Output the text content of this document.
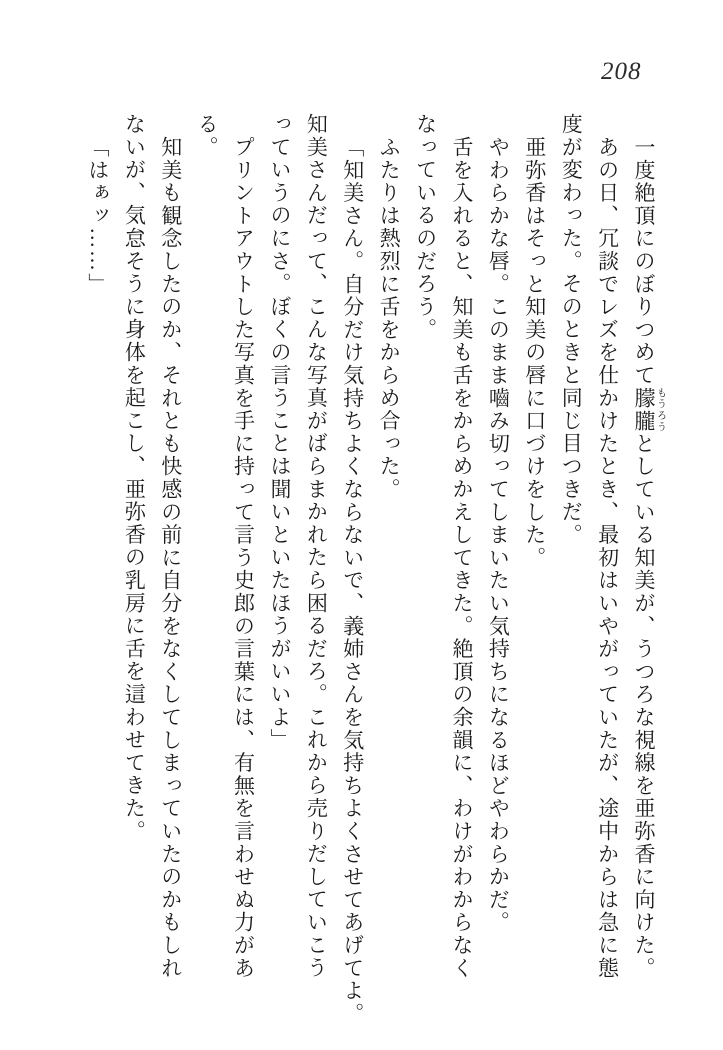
208

一度絶頂にのぼりつめて朦朧もうろうとしている知美が、うつろな視線を亜弥香に向けた。

あの日、冗談でレズを仕かけたとき、最初はいやがっていたが、途中からは急に態

度が変わった。そのときと同じ目つきだ。

亜弥香はそっと知美の唇に口づけをした。

やわらかな唇。このまま嚙み切ってしまいたい気持ちになるほどやわらかだ。

舌を入れると、知美も舌をからめかえしてきた。絶頂の余韻に、わけがわからなく

なっているのだろう。

ふたりは熱烈に舌をからめ合った。

「知美さん。自分だけ気持ちよくならないで、義姉さんを気持ちよくさせてあげてよ。

知美さんだって、こんな写真がばらまかれたら困るだろ。これから売りだしていこう

っていうのにさ。ぼくの言うことは聞いといたほうがいいよ」

プリントアウトした写真を手に持って言う史郎の言葉には、有無を言わせぬ力があ

る。

知美も観念したのか、それとも快感の前に自分をなくしてしまっていたのかもしれ

ないが、気怠そうに身体を起こし、亜弥香の乳房に舌を這わせてきた。

「はぁッ……」
